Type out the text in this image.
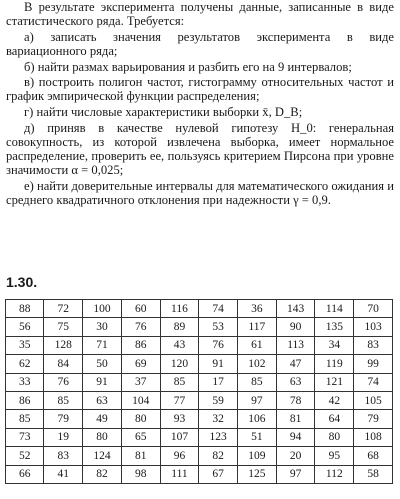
В результате эксперимента получены данные, записанные в виде статистического ряда. Требуется:

а) записать значения результатов эксперимента в виде вариационного ряда;

б) найти размах варьирования и разбить его на 9 интервалов;

в) построить полигон частот, гистограмму относительных частот и график эмпирической функции распределения;

г) найти числовые характеристики выборки x̄, D_B;

д) приняв в качестве нулевой гипотезу H_0: генеральная совокупность, из которой извлечена выборка, имеет нормальное распределение, проверить ее, пользуясь критерием Пирсона при уровне значимости α = 0,025;

е) найти доверительные интервалы для математического ожидания и среднего квадратичного отклонения при надежности γ = 0,9.

1.30.
88	72	100	60	116	74	36	143	114	70
56	75	30	76	89	53	117	90	135	103
35	128	71	86	43	76	61	113	34	83
62	84	50	69	120	91	102	47	119	99
33	76	91	37	85	17	85	63	121	74
86	85	63	104	77	59	97	78	42	105
85	79	49	80	93	32	106	81	64	79
73	19	80	65	107	123	51	94	80	108
52	83	124	81	96	82	109	20	95	68
66	41	82	98	111	67	125	97	112	58
